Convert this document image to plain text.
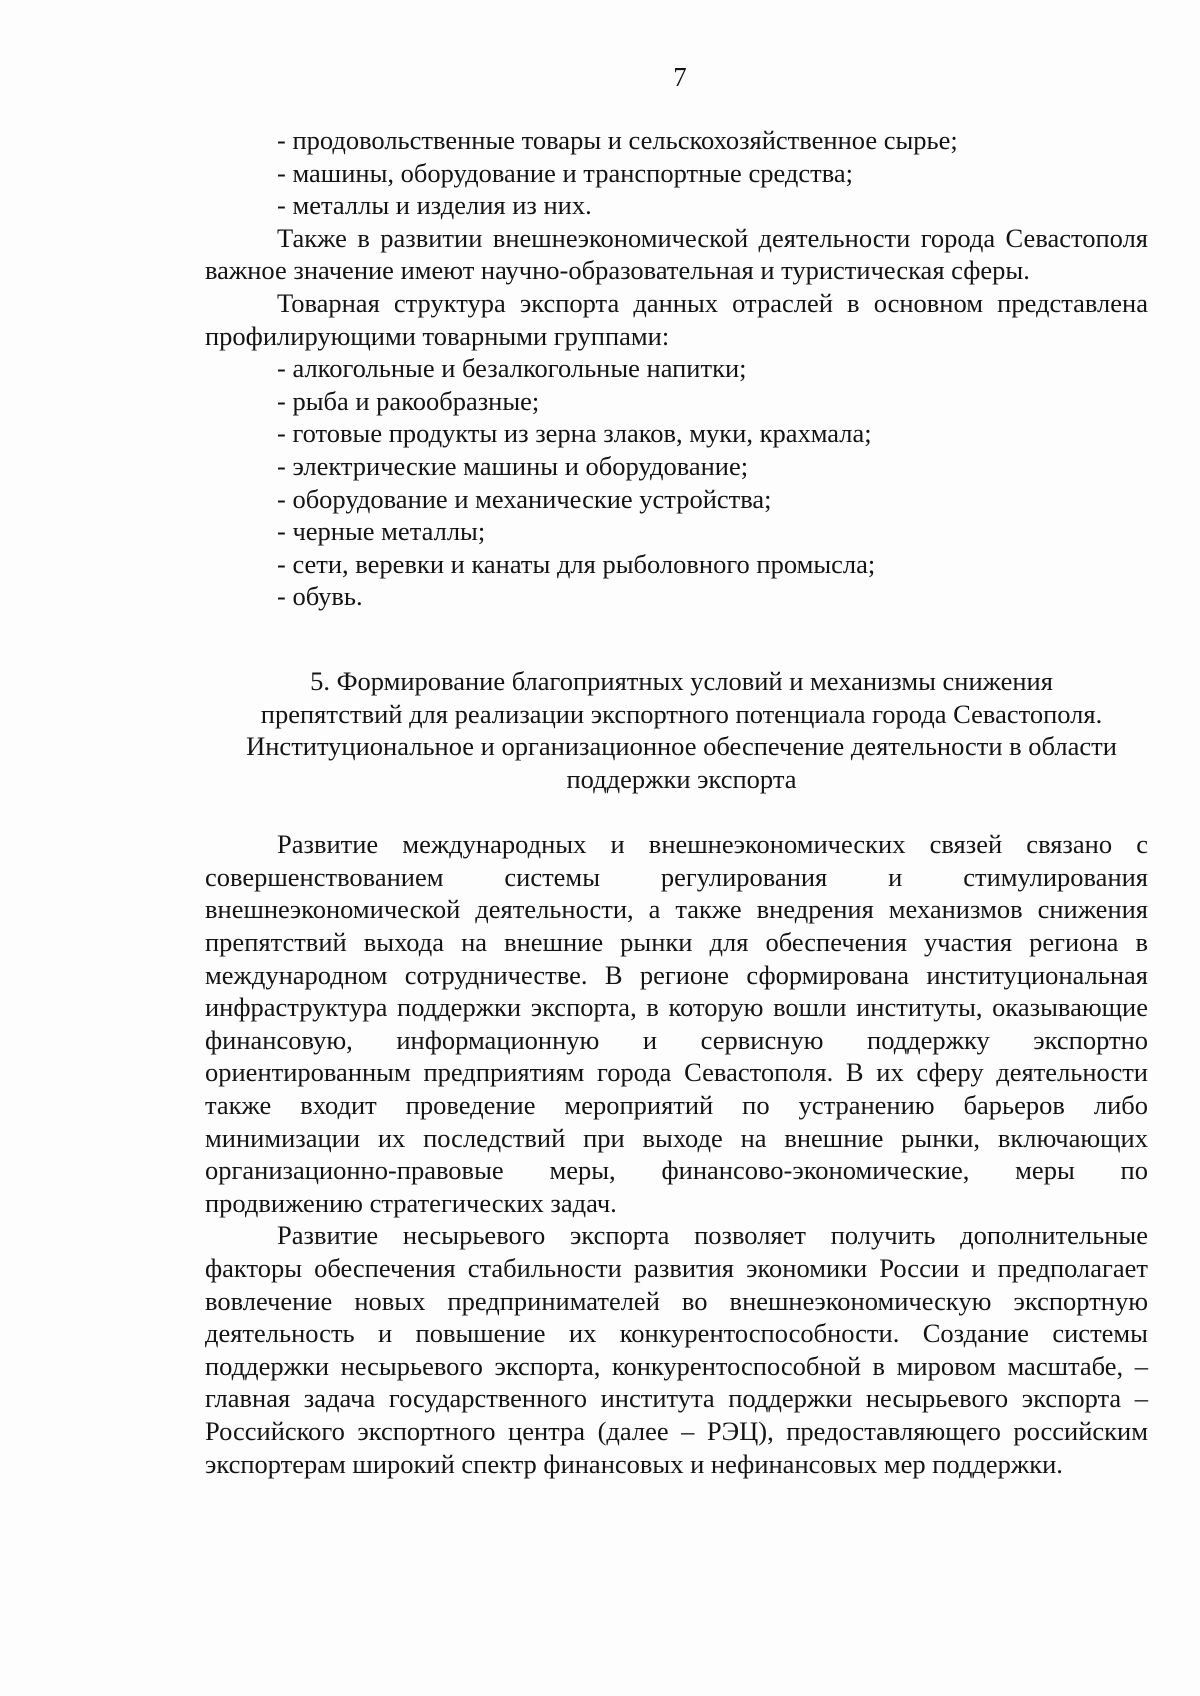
7
- продовольственные товары и сельскохозяйственное сырье;
- машины, оборудование и транспортные средства;
- металлы и изделия из них.

Также в развитии внешнеэкономической деятельности города Севастополя важное значение имеют научно-образовательная и туристическая сферы.

Товарная структура экспорта данных отраслей в основном представлена профилирующими товарными группами:

- алкогольные и безалкогольные напитки;
- рыба и ракообразные;
- готовые продукты из зерна злаков, муки, крахмала;
- электрические машины и оборудование;
- оборудование и механические устройства;
- черные металлы;
- сети, веревки и канаты для рыболовного промысла;
- обувь.
5. Формирование благоприятных условий и механизмы снижения
препятствий для реализации экспортного потенциала города Севастополя.
Институциональное и организационное обеспечение деятельности в области
поддержки экспорта

Развитие международных и внешнеэкономических связей связано с совершенствованием системы регулирования и стимулирования внешнеэкономической деятельности, а также внедрения механизмов снижения препятствий выхода на внешние рынки для обеспечения участия региона в международном сотрудничестве. В регионе сформирована институциональная инфраструктура поддержки экспорта, в которую вошли институты, оказывающие финансовую, информационную и сервисную поддержку экспортно ориентированным предприятиям города Севастополя. В их сферу деятельности также входит проведение мероприятий по устранению барьеров либо минимизации их последствий при выходе на внешние рынки, включающих организационно-правовые меры, финансово-экономические, меры по продвижению стратегических задач.

Развитие несырьевого экспорта позволяет получить дополнительные факторы обеспечения стабильности развития экономики России и предполагает вовлечение новых предпринимателей во внешнеэкономическую экспортную деятельность и повышение их конкурентоспособности. Создание системы поддержки несырьевого экспорта, конкурентоспособной в мировом масштабе, – главная задача государственного института поддержки несырьевого экспорта – Российского экспортного центра (далее – РЭЦ), предоставляющего российским экспортерам широкий спектр финансовых и нефинансовых мер поддержки.
